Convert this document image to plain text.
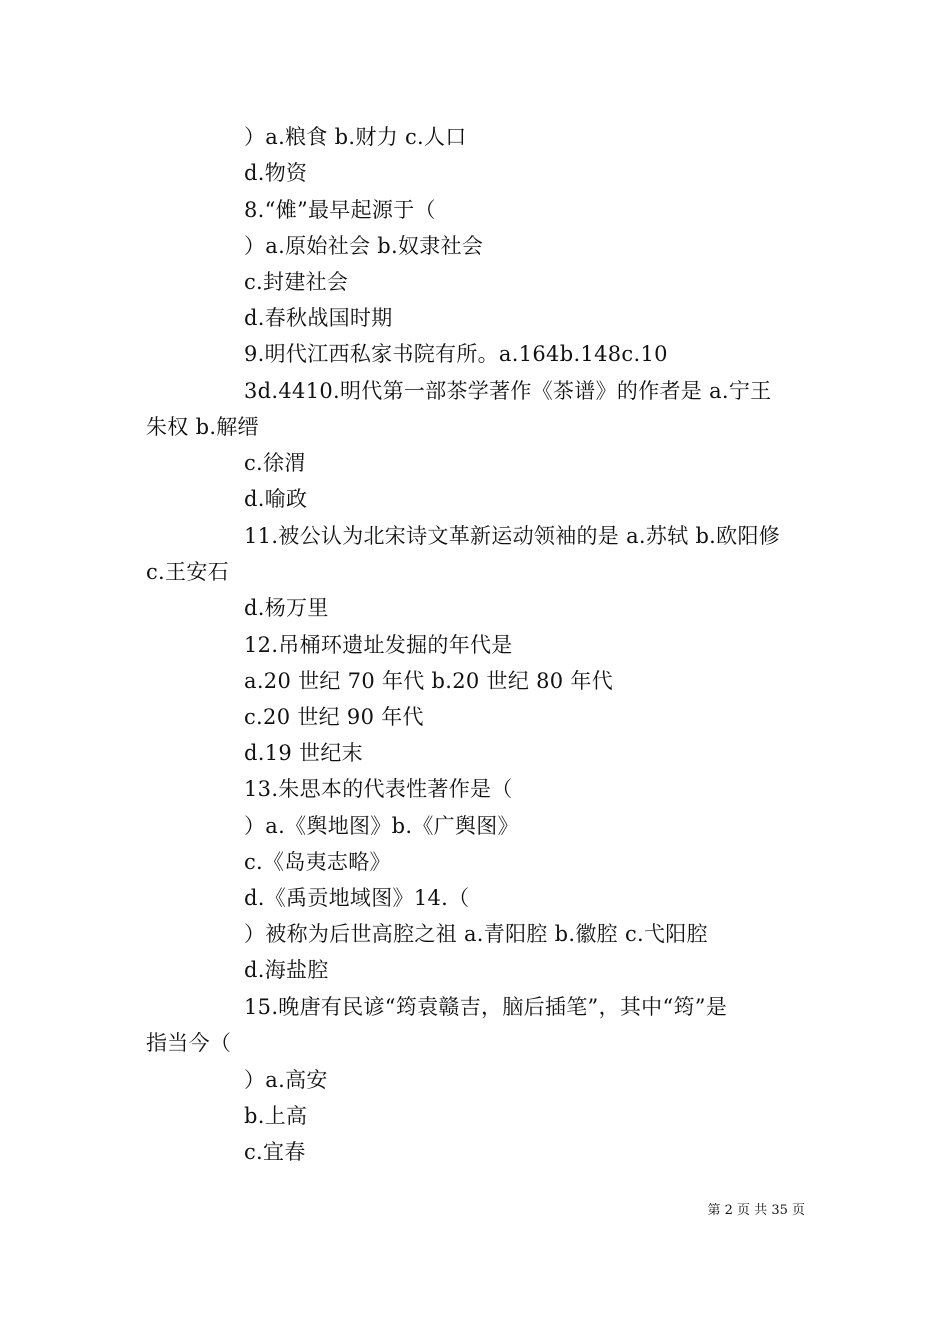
）a.粮食 b.财力 c.人口
d.物资
8.“傩”最早起源于（
）a.原始社会 b.奴隶社会
c.封建社会
d.春秋战国时期
9.明代江西私家书院有所。a.164b.148c.10
3d.4410.明代第一部茶学著作《茶谱》的作者是 a.宁王
朱权 b.解缙
c.徐渭
d.喻政
11.被公认为北宋诗文革新运动领袖的是 a.苏轼 b.欧阳修
c.王安石
d.杨万里
12.吊桶环遗址发掘的年代是
a.20 世纪 70 年代 b.20 世纪 80 年代
c.20 世纪 90 年代
d.19 世纪末
13.朱思本的代表性著作是（
）a.《舆地图》b.《广舆图》
c.《岛夷志略》
d.《禹贡地域图》14.（
）被称为后世高腔之祖 a.青阳腔 b.徽腔 c.弋阳腔
d.海盐腔
15.晚唐有民谚“筠袁赣吉，脑后插笔”，其中“筠”是
指当今（
）a.高安
b.上高
c.宜春
第 2 页 共 35 页
